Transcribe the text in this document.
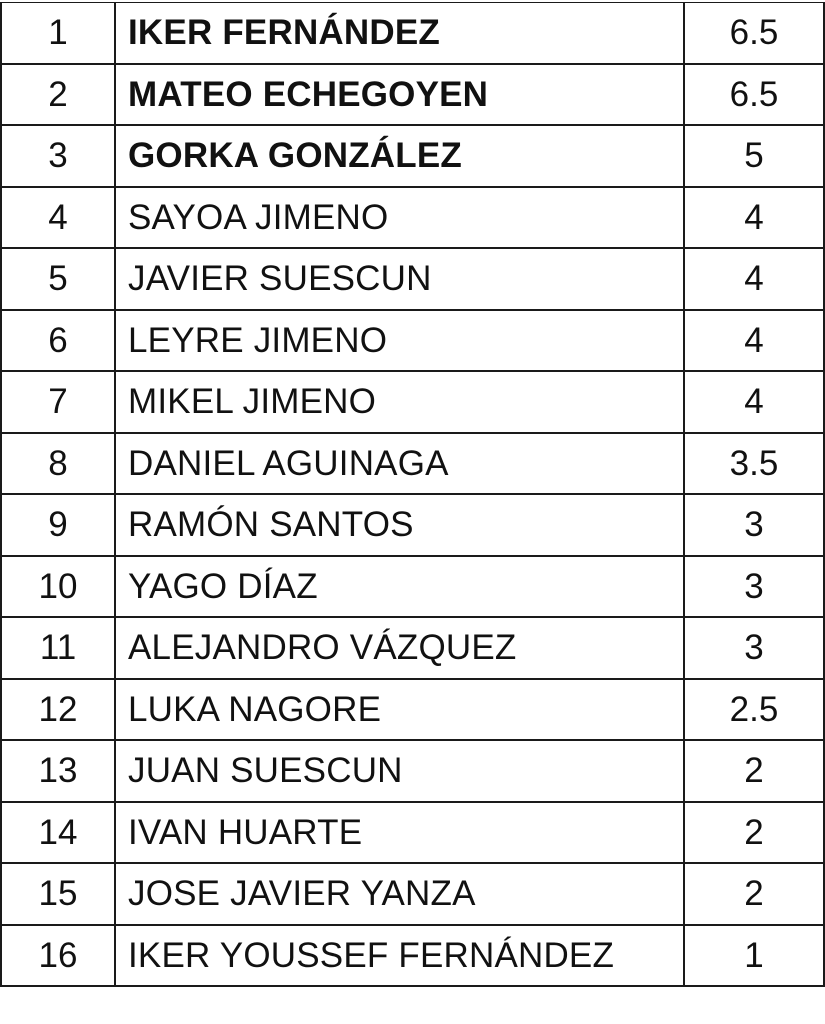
1	IKER FERNÁNDEZ	6.5
2	MATEO ECHEGOYEN	6.5
3	GORKA GONZÁLEZ	5
4	SAYOA JIMENO	4
5	JAVIER SUESCUN	4
6	LEYRE JIMENO	4
7	MIKEL JIMENO	4
8	DANIEL AGUINAGA	3.5
9	RAMÓN SANTOS	3
10	YAGO DÍAZ	3
11	ALEJANDRO VÁZQUEZ	3
12	LUKA NAGORE	2.5
13	JUAN SUESCUN	2
14	IVAN HUARTE	2
15	JOSE JAVIER YANZA	2
16	IKER YOUSSEF FERNÁNDEZ	1
